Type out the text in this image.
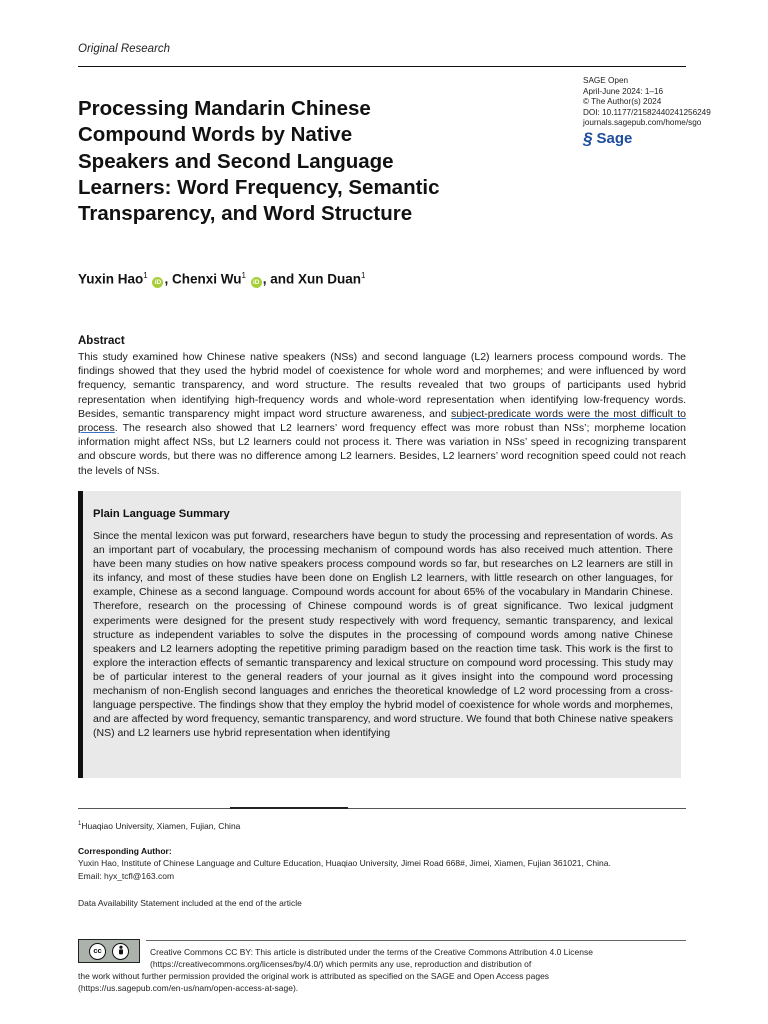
Original Research
Processing Mandarin Chinese
Compound Words by Native
Speakers and Second Language
Learners: Word Frequency, Semantic
Transparency, and Word Structure
SAGE Open
April-June 2024: 1–16
© The Author(s) 2024
DOI: 10.1177/21582440241256249
journals.sagepub.com/home/sgo
§ Sage
Yuxin Hao$^1$ iD , Chenxi Wu$^1$ iD , and Xun Duan$^1$
Abstract

This study examined how Chinese native speakers (NSs) and second language (L2) learners process compound words. The findings showed that they used the hybrid model of coexistence for whole word and morphemes; and were influenced by word frequency, semantic transparency, and word structure. The results revealed that two groups of participants used hybrid representation when identifying high-frequency words and whole-word representation when identifying low-frequency words. Besides, semantic transparency might impact word structure awareness, and subject-predicate words were the most difficult to process. The research also showed that L2 learners’ word frequency effect was more robust than NSs’; morpheme location information might affect NSs, but L2 learners could not process it. There was variation in NSs’ speed in recognizing transparent and obscure words, but there was no difference among L2 learners. Besides, L2 learners’ word recognition speed could not reach the levels of NSs.

Plain Language Summary

Since the mental lexicon was put forward, researchers have begun to study the processing and representation of words. As an important part of vocabulary, the processing mechanism of compound words has also received much attention. There have been many studies on how native speakers process compound words so far, but researches on L2 learners are still in its infancy, and most of these studies have been done on English L2 learners, with little research on other languages, for example, Chinese as a second language. Compound words account for about 65% of the vocabulary in Mandarin Chinese. Therefore, research on the processing of Chinese compound words is of great significance. Two lexical judgment experiments were designed for the present study respectively with word frequency, semantic transparency, and lexical structure as independent variables to solve the disputes in the processing of compound words among native Chinese speakers and L2 learners adopting the repetitive priming paradigm based on the reaction time task. This work is the first to explore the interaction effects of semantic transparency and lexical structure on compound word processing. This study may be of particular interest to the general readers of your journal as it gives insight into the compound word processing mechanism of non-English second languages and enriches the theoretical knowledge of L2 word processing from a cross-language perspective. The findings show that they employ the hybrid model of coexistence for whole words and morphemes, and are affected by word frequency, semantic transparency, and word structure. We found that both Chinese native speakers (NS) and L2 learners use hybrid representation when identifying

$^1$Huaqiao University, Xiamen, Fujian, China
Corresponding Author:
Yuxin Hao, Institute of Chinese Language and Culture Education, Huaqiao University, Jimei Road 668#, Jimei, Xiamen, Fujian 361021, China.
Email: hyx_tcfl@163.com
Data Availability Statement included at the end of the article
cc	Creative Commons CC BY: This article is distributed under the terms of the Creative Commons Attribution 4.0 License
(https://creativecommons.org/licenses/by/4.0/) which permits any use, reproduction and distribution of
the work without further permission provided the original work is attributed as specified on the SAGE and Open Access pages
(https://us.sagepub.com/en-us/nam/open-access-at-sage).
